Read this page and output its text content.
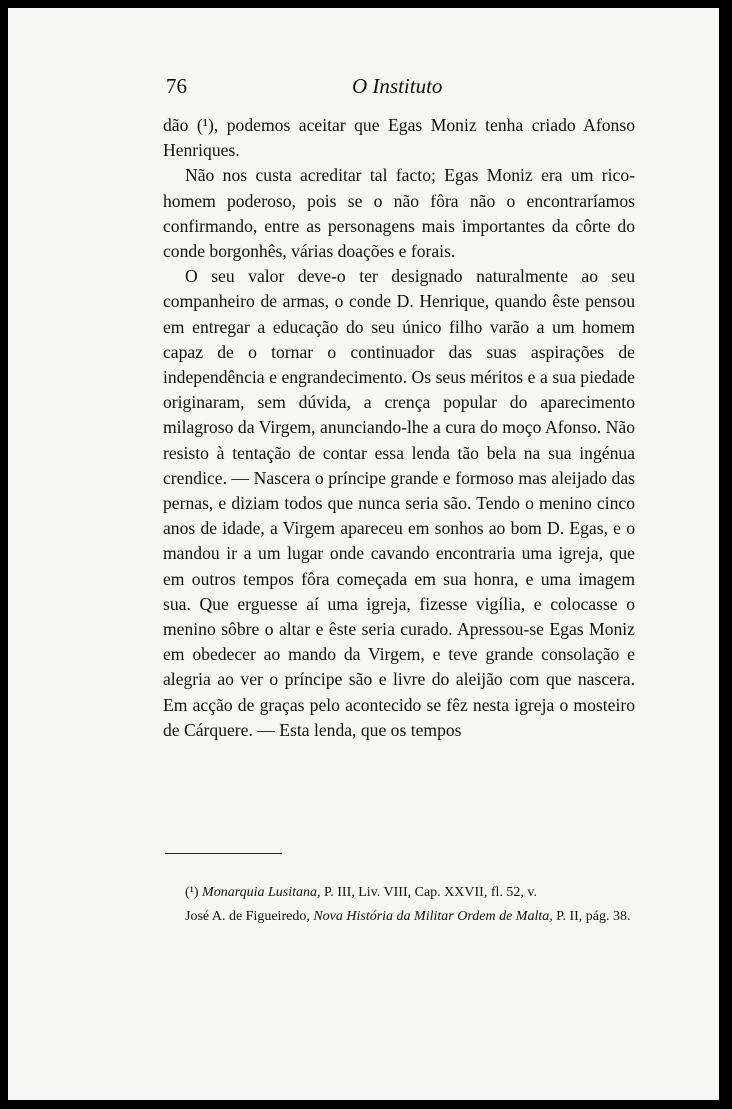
76	O Instituto

dão (¹), podemos aceitar que Egas Moniz tenha criado Afonso Henriques.

Não nos custa acreditar tal facto; Egas Moniz era um rico-homem poderoso, pois se o não fôra não o encontraríamos confirmando, entre as personagens mais importantes da côrte do conde borgonhês, várias doações e forais.

O seu valor deve-o ter designado naturalmente ao seu companheiro de armas, o conde D. Henrique, quando êste pensou em entregar a educação do seu único filho varão a um homem capaz de o tornar o continuador das suas aspirações de independência e engrandecimento. Os seus méritos e a sua piedade originaram, sem dúvida, a crença popular do aparecimento milagroso da Virgem, anunciando-lhe a cura do moço Afonso. Não resisto à tentação de contar essa lenda tão bela na sua ingénua crendice. — Nascera o príncipe grande e formoso mas aleijado das pernas, e diziam todos que nunca seria são. Tendo o menino cinco anos de idade, a Virgem apareceu em sonhos ao bom D. Egas, e o mandou ir a um lugar onde cavando encontraria uma igreja, que em outros tempos fôra começada em sua honra, e uma imagem sua. Que erguesse aí uma igreja, fizesse vigília, e colocasse o menino sôbre o altar e êste seria curado. Apressou-se Egas Moniz em obedecer ao mando da Virgem, e teve grande consolação e alegria ao ver o príncipe são e livre do aleijão com que nascera. Em acção de graças pelo acontecido se fêz nesta igreja o mosteiro de Cárquere. — Esta lenda, que os tempos

(¹) Monarquia Lusitana, P. III, Liv. VIII, Cap. XXVII, fl. 52, v.

José A. de Figueiredo, Nova História da Militar Ordem de Malta, P. II, pág. 38.
